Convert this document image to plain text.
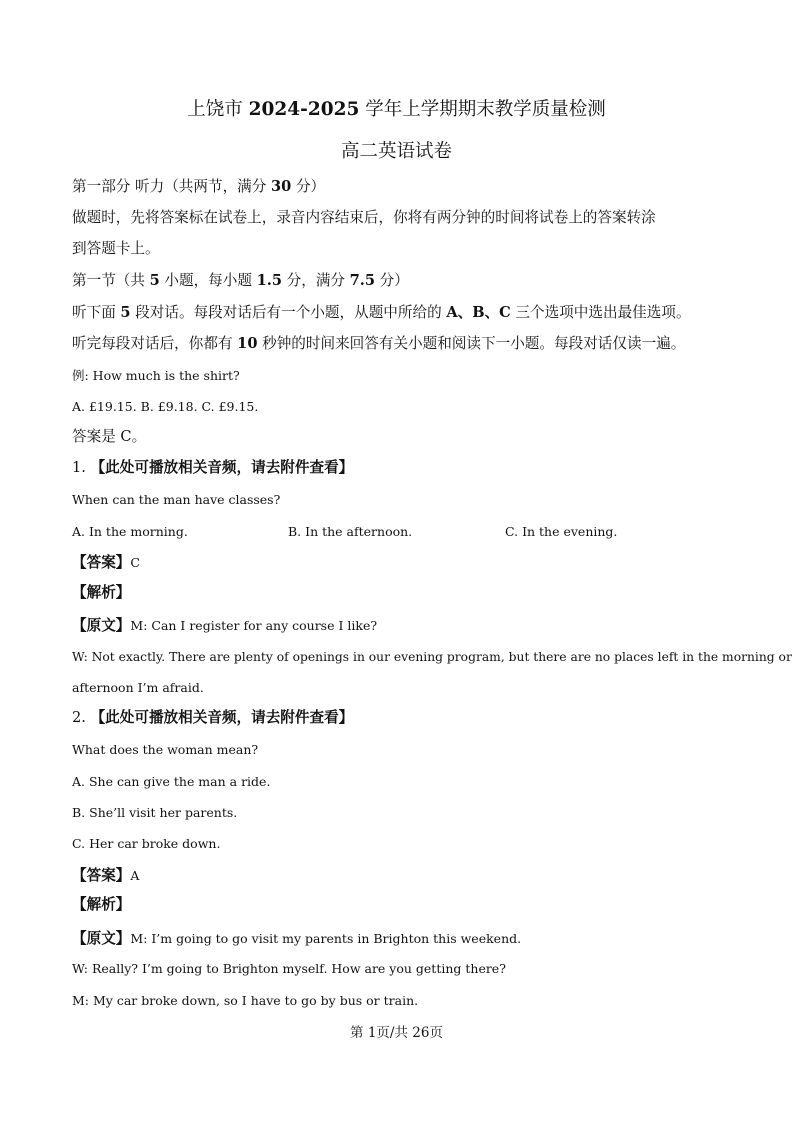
上饶市 2024-2025 学年上学期期末教学质量检测
高二英语试卷
第一部分 听力（共两节，满分 30 分）
做题时，先将答案标在试卷上，录音内容结束后，你将有两分钟的时间将试卷上的答案转涂
到答题卡上。
第一节（共 5 小题，每小题 1.5 分，满分 7.5 分）
听下面 5 段对话。每段对话后有一个小题，从题中所给的 A、B、C 三个选项中选出最佳选项。
听完每段对话后，你都有 10 秒钟的时间来回答有关小题和阅读下一小题。每段对话仅读一遍。
例: How much is the shirt?
A. £19.15. B. £9.18. C. £9.15.
答案是 C。
1. 【此处可播放相关音频，请去附件查看】
When can the man have classes?
A. In the morning.	B. In the afternoon.	C. In the evening.
【答案】C
【解析】
【原文】M: Can I register for any course I like?
W: Not exactly. There are plenty of openings in our evening program, but there are no places left in the morning or
afternoon I’m afraid.
2. 【此处可播放相关音频，请去附件查看】
What does the woman mean?
A. She can give the man a ride.
B. She’ll visit her parents.
C. Her car broke down.
【答案】A
【解析】
【原文】M: I’m going to go visit my parents in Brighton this weekend.
W: Really? I’m going to Brighton myself. How are you getting there?
M: My car broke down, so I have to go by bus or train.
第 1页/共 26页
